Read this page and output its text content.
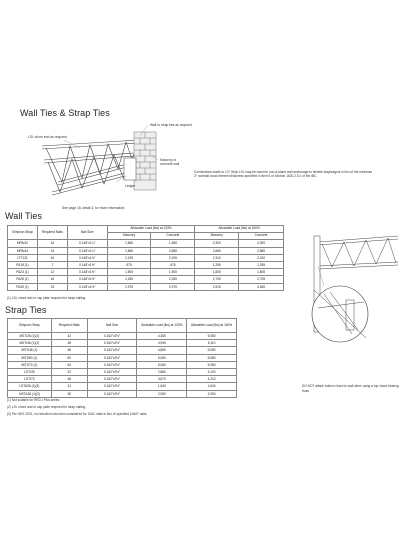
Wall Ties & Strap Ties
LSL chord end as required
Wall or strap ties as required
Masonry or concrete wall
Ledger
See page 18, detail 3, for more information
Connections made to 1⅞" thick LSL may be used for out-of-plane wall anchorage to flexible diaphragms in lieu of the minimum 3" nominal wood element thickness specified in item 5 of Section 1620.2.5.1 of the IBC.
Wall Ties
Simpson Strap	Required Nails	Nail Size	Allowable Load (lbs) at 133%		Allowable Load (lbs) at 160%	
			Masonry	Concrete	Masonry	Concrete
MPAI32	16	0.148"x1¼"	1,665	1,665	2,300	2,300
MPAI44	24	0.148"x1¼"	2,665	2,665	2,665	2,665
LTT131	16	0.148"x1½"	2,195	2,195	2,310	2,310
PA18 (1)	7	0.148"x1½"	675	675	1,255	1,255
PA23 (1)	12	0.148"x1½"	1,505	1,505	1,805	1,805
PA28 (1)	16	0.148"x1½"	2,265	2,265	2,705	2,705
PA35 (1)	23	0.148"x1½"	2,975	2,975	2,915	3,465
(1) LSL chord and or cap plate required for strap nailing.
Strap Ties
Simpson Strap	Required Nails	Nail Size	Allowable Load (lbs) at 133%	Allowable Load (lbs) at 160%
MSTI26 (1)(2)	42	0.162"x2½"	4,365	5,080
MSTI48 (1)(2)	48	0.162"x2½"	4,945	5,110
MSTI48 (1)	48	0.162"x2½"	4,850	5,080
MSTI60 (1)	60	0.162"x2½"	5,080	5,080
MSTI72 (1)	64	0.162"x2½"	5,080	5,080
LSTI49	32	0.162"x2½"	2,860	3,100
LSTI73	48	0.162"x2½"	3,870	4,210
LSTA36 (1)(3)	24	0.162"x2½"	1,640	1,640
MSTA36 (1)(3)	26	0.162"x2½"	2,050	2,050
(1) Not suitable for RED-I Plus series.
(2) LSL chord and or cap plate required for strap nailing.
(3) Per NDS 2001, no reduction has been considered for 10dC nails in lieu of specified 10d/0" nails.
DO NOT attach bottom chord to wall when using a top chord bearing truss
